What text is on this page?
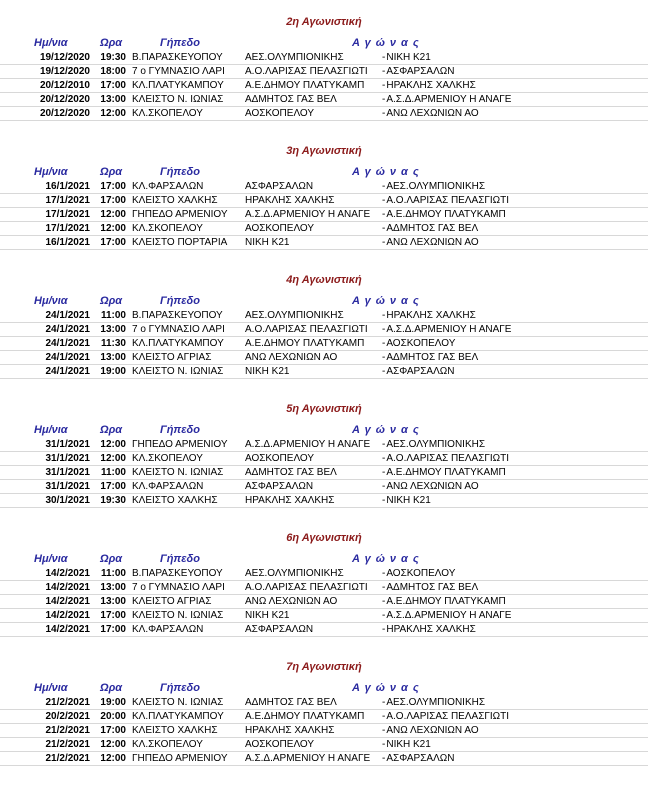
2η Αγωνιστική
Ημ/νια	Ωρα	Γήπεδο	Αγώνας
19/12/2020	19:30 Β.ΠΑΡΑΣΚΕΥΟΠΟΥ	ΑΕΣ.ΟΛΥΜΠΙΟΝΙΚΗΣ	- ΝΙΚΗ Κ21
19/12/2020	18:00 7 ο ΓΥΜΝΑΣΙΟ ΛΑΡΙ	Α.Ο.ΛΑΡΙΣΑΣ ΠΕΛΑΣΓΙΩΤΙ	- ΑΣΦΑΡΣΑΛΩΝ
20/12/2010	17:00 ΚΛ.ΠΛΑΤΥΚΑΜΠΟΥ	Α.Ε.ΔΗΜΟΥ ΠΛΑΤΥΚΑΜΠ	- ΗΡΑΚΛΗΣ ΧΑΛΚΗΣ
20/12/2020	13:00 ΚΛΕΙΣΤΟ Ν. ΙΩΝΙΑΣ	ΑΔΜΗΤΟΣ ΓΑΣ ΒΕΛ	- Α.Σ.Δ.ΑΡΜΕΝΙΟΥ Η ΑΝΑΓΕ
20/12/2020	12:00 ΚΛ.ΣΚΟΠΕΛΟΥ	ΑΟΣΚΟΠΕΛΟΥ	- ΑΝΩ ΛΕΧΩΝΙΩΝ ΑΟ
3η Αγωνιστική
Ημ/νια	Ωρα	Γήπεδο	Αγώνας
16/1/2021	17:00 ΚΛ.ΦΑΡΣΑΛΩΝ	ΑΣΦΑΡΣΑΛΩΝ	- ΑΕΣ.ΟΛΥΜΠΙΟΝΙΚΗΣ
17/1/2021	17:00 ΚΛΕΙΣΤΟ ΧΑΛΚΗΣ	ΗΡΑΚΛΗΣ ΧΑΛΚΗΣ	- Α.Ο.ΛΑΡΙΣΑΣ ΠΕΛΑΣΓΙΩΤΙ
17/1/2021	12:00 ΓΗΠΕΔΟ ΑΡΜΕΝΙΟΥ	Α.Σ.Δ.ΑΡΜΕΝΙΟΥ Η ΑΝΑΓΕ	- Α.Ε.ΔΗΜΟΥ ΠΛΑΤΥΚΑΜΠ
17/1/2021	12:00 ΚΛ.ΣΚΟΠΕΛΟΥ	ΑΟΣΚΟΠΕΛΟΥ	- ΑΔΜΗΤΟΣ ΓΑΣ ΒΕΛ
16/1/2021	17:00 ΚΛΕΙΣΤΟ ΠΟΡΤΑΡΙΑ	ΝΙΚΗ Κ21	- ΑΝΩ ΛΕΧΩΝΙΩΝ ΑΟ
4η Αγωνιστική
Ημ/νια	Ωρα	Γήπεδο	Αγώνας
24/1/2021	11:00 Β.ΠΑΡΑΣΚΕΥΟΠΟΥ	ΑΕΣ.ΟΛΥΜΠΙΟΝΙΚΗΣ	- ΗΡΑΚΛΗΣ ΧΑΛΚΗΣ
24/1/2021	13:00 7 ο ΓΥΜΝΑΣΙΟ ΛΑΡΙ	Α.Ο.ΛΑΡΙΣΑΣ ΠΕΛΑΣΓΙΩΤΙ	- Α.Σ.Δ.ΑΡΜΕΝΙΟΥ Η ΑΝΑΓΕ
24/1/2021	11:30 ΚΛ.ΠΛΑΤΥΚΑΜΠΟΥ	Α.Ε.ΔΗΜΟΥ ΠΛΑΤΥΚΑΜΠ	- ΑΟΣΚΟΠΕΛΟΥ
24/1/2021	13:00 ΚΛΕΙΣΤΟ ΑΓΡΙΑΣ	ΑΝΩ ΛΕΧΩΝΙΩΝ ΑΟ	- ΑΔΜΗΤΟΣ ΓΑΣ ΒΕΛ
24/1/2021	19:00 ΚΛΕΙΣΤΟ Ν. ΙΩΝΙΑΣ	ΝΙΚΗ Κ21	- ΑΣΦΑΡΣΑΛΩΝ
5η Αγωνιστική
Ημ/νια	Ωρα	Γήπεδο	Αγώνας
31/1/2021	12:00 ΓΗΠΕΔΟ ΑΡΜΕΝΙΟΥ	Α.Σ.Δ.ΑΡΜΕΝΙΟΥ Η ΑΝΑΓΕ	- ΑΕΣ.ΟΛΥΜΠΙΟΝΙΚΗΣ
31/1/2021	12:00 ΚΛ.ΣΚΟΠΕΛΟΥ	ΑΟΣΚΟΠΕΛΟΥ	- Α.Ο.ΛΑΡΙΣΑΣ ΠΕΛΑΣΓΙΩΤΙ
31/1/2021	11:00 ΚΛΕΙΣΤΟ Ν. ΙΩΝΙΑΣ	ΑΔΜΗΤΟΣ ΓΑΣ ΒΕΛ	- Α.Ε.ΔΗΜΟΥ ΠΛΑΤΥΚΑΜΠ
31/1/2021	17:00 ΚΛ.ΦΑΡΣΑΛΩΝ	ΑΣΦΑΡΣΑΛΩΝ	- ΑΝΩ ΛΕΧΩΝΙΩΝ ΑΟ
30/1/2021	19:30 ΚΛΕΙΣΤΟ ΧΑΛΚΗΣ	ΗΡΑΚΛΗΣ ΧΑΛΚΗΣ	- ΝΙΚΗ Κ21
6η Αγωνιστική
Ημ/νια	Ωρα	Γήπεδο	Αγώνας
14/2/2021	11:00 Β.ΠΑΡΑΣΚΕΥΟΠΟΥ	ΑΕΣ.ΟΛΥΜΠΙΟΝΙΚΗΣ	- ΑΟΣΚΟΠΕΛΟΥ
14/2/2021	13:00 7 ο ΓΥΜΝΑΣΙΟ ΛΑΡΙ	Α.Ο.ΛΑΡΙΣΑΣ ΠΕΛΑΣΓΙΩΤΙ	- ΑΔΜΗΤΟΣ ΓΑΣ ΒΕΛ
14/2/2021	13:00 ΚΛΕΙΣΤΟ ΑΓΡΙΑΣ	ΑΝΩ ΛΕΧΩΝΙΩΝ ΑΟ	- Α.Ε.ΔΗΜΟΥ ΠΛΑΤΥΚΑΜΠ
14/2/2021	17:00 ΚΛΕΙΣΤΟ Ν. ΙΩΝΙΑΣ	ΝΙΚΗ Κ21	- Α.Σ.Δ.ΑΡΜΕΝΙΟΥ Η ΑΝΑΓΕ
14/2/2021	17:00 ΚΛ.ΦΑΡΣΑΛΩΝ	ΑΣΦΑΡΣΑΛΩΝ	- ΗΡΑΚΛΗΣ ΧΑΛΚΗΣ
7η Αγωνιστική
Ημ/νια	Ωρα	Γήπεδο	Αγώνας
21/2/2021	19:00 ΚΛΕΙΣΤΟ Ν. ΙΩΝΙΑΣ	ΑΔΜΗΤΟΣ ΓΑΣ ΒΕΛ	- ΑΕΣ.ΟΛΥΜΠΙΟΝΙΚΗΣ
20/2/2021	20:00 ΚΛ.ΠΛΑΤΥΚΑΜΠΟΥ	Α.Ε.ΔΗΜΟΥ ΠΛΑΤΥΚΑΜΠ	- Α.Ο.ΛΑΡΙΣΑΣ ΠΕΛΑΣΓΙΩΤΙ
21/2/2021	17:00 ΚΛΕΙΣΤΟ ΧΑΛΚΗΣ	ΗΡΑΚΛΗΣ ΧΑΛΚΗΣ	- ΑΝΩ ΛΕΧΩΝΙΩΝ ΑΟ
21/2/2021	12:00 ΚΛ.ΣΚΟΠΕΛΟΥ	ΑΟΣΚΟΠΕΛΟΥ	- ΝΙΚΗ Κ21
21/2/2021	12:00 ΓΗΠΕΔΟ ΑΡΜΕΝΙΟΥ	Α.Σ.Δ.ΑΡΜΕΝΙΟΥ Η ΑΝΑΓΕ	- ΑΣΦΑΡΣΑΛΩΝ
